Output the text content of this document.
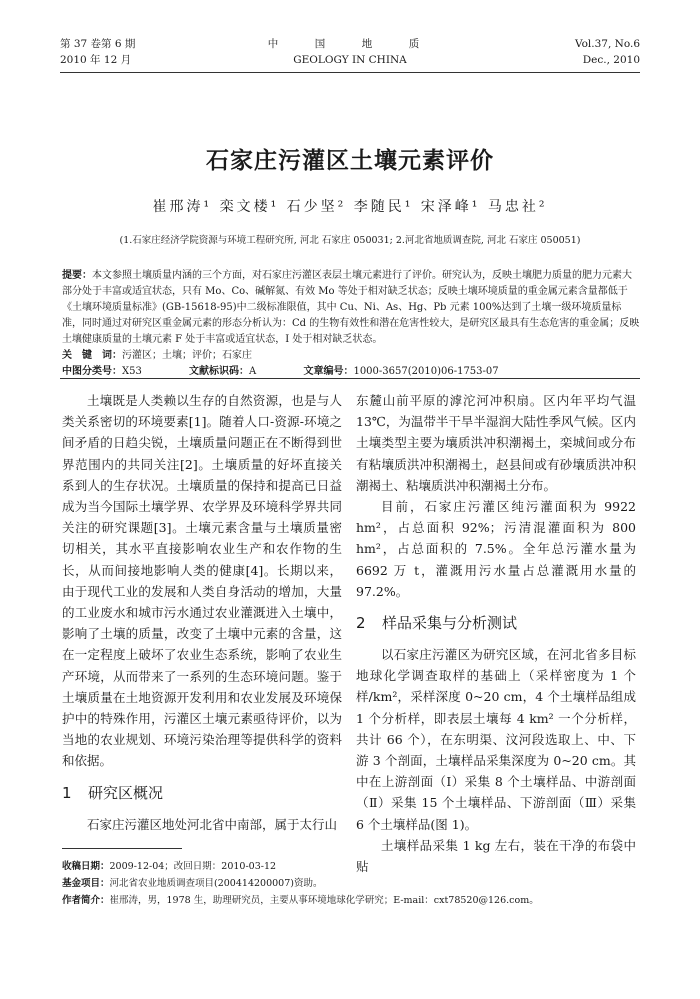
第 37 卷第 6 期
2010 年 12 月
中　国　地　质
GEOLOGY IN CHINA
Vol.37, No.6
Dec., 2010
石家庄污灌区土壤元素评价
崔邢涛¹ 栾文楼¹ 石少坚² 李随民¹ 宋泽峰¹ 马忠社²
(1.石家庄经济学院资源与环境工程研究所, 河北 石家庄 050031; 2.河北省地质调查院, 河北 石家庄 050051)

提要：本文参照土壤质量内涵的三个方面，对石家庄污灌区表层土壤元素进行了评价。研究认为，反映土壤肥力质量的肥力元素大部分处于丰富或适宜状态，只有 Mo、Co、碱解氮、有效 Mo 等处于相对缺乏状态；反映土壤环境质量的重金属元素含量都低于《土壤环境质量标准》(GB-15618-95)中二级标准限值，其中 Cu、Ni、As、Hg、Pb 元素 100%达到了土壤一级环境质量标准，同时通过对研究区重金属元素的形态分析认为：Cd 的生物有效性和潜在危害性较大，是研究区最具有生态危害的重金属；反映土壤健康质量的土壤元素 F 处于丰富或适宜状态，I 处于相对缺乏状态。

关　键　词：污灌区；土壤；评价；石家庄

中图分类号：X53	文献标识码：A	文章编号：1000-3657(2010)06-1753-07

土壤既是人类赖以生存的自然资源，也是与人类关系密切的环境要素[1]。随着人口-资源-环境之间矛盾的日趋尖锐，土壤质量问题正在不断得到世界范围内的共同关注[2]。土壤质量的好坏直接关系到人的生存状况。土壤质量的保持和提高已日益成为当今国际土壤学界、农学界及环境科学界共同关注的研究课题[3]。土壤元素含量与土壤质量密切相关，其水平直接影响农业生产和农作物的生长，从而间接地影响人类的健康[4]。长期以来，由于现代工业的发展和人类自身活动的增加，大量的工业废水和城市污水通过农业灌溉进入土壤中，影响了土壤的质量，改变了土壤中元素的含量，这在一定程度上破坏了农业生态系统，影响了农业生产环境，从而带来了一系列的生态环境问题。鉴于土壤质量在土地资源开发利用和农业发展及环境保护中的特殊作用，污灌区土壤元素亟待评价，以为当地的农业规划、环境污染治理等提供科学的资料和依据。

1 研究区概况

石家庄污灌区地处河北省中南部，属于太行山

东麓山前平原的滹沱河冲积扇。区内年平均气温 13℃，为温带半干旱半湿润大陆性季风气候。区内土壤类型主要为壤质洪冲积潮褐土，栾城间或分布有粘壤质洪冲积潮褐土，赵县间或有砂壤质洪冲积潮褐土、粘壤质洪冲积潮褐土分布。

目前，石家庄污灌区纯污灌面积为 9922 hm²，占总面积 92%；污清混灌面积为 800 hm²，占总面积的 7.5%。全年总污灌水量为 6692 万 t，灌溉用污水量占总灌溉用水量的 97.2%。

2 样品采集与分析测试

以石家庄污灌区为研究区域，在河北省多目标地球化学调查取样的基础上（采样密度为 1 个样/km²，采样深度 0~20 cm，4 个土壤样品组成 1 个分析样，即表层土壤每 4 km² 一个分析样，共计 66 个），在东明渠、汶河段选取上、中、下游 3 个剖面，土壤样品采集深度为 0~20 cm。其中在上游剖面（Ⅰ）采集 8 个土壤样品、中游剖面（Ⅱ）采集 15 个土壤样品、下游剖面（Ⅲ）采集 6 个土壤样品(图 1)。

土壤样品采集 1 kg 左右，装在干净的布袋中贴

收稿日期：2009-12-04；改回日期：2010-03-12

基金项目：河北省农业地质调查项目(200414200007)资助。

作者简介：崔邢涛，男，1978 生，助理研究员，主要从事环境地球化学研究；E-mail：cxt78520@126.com。
